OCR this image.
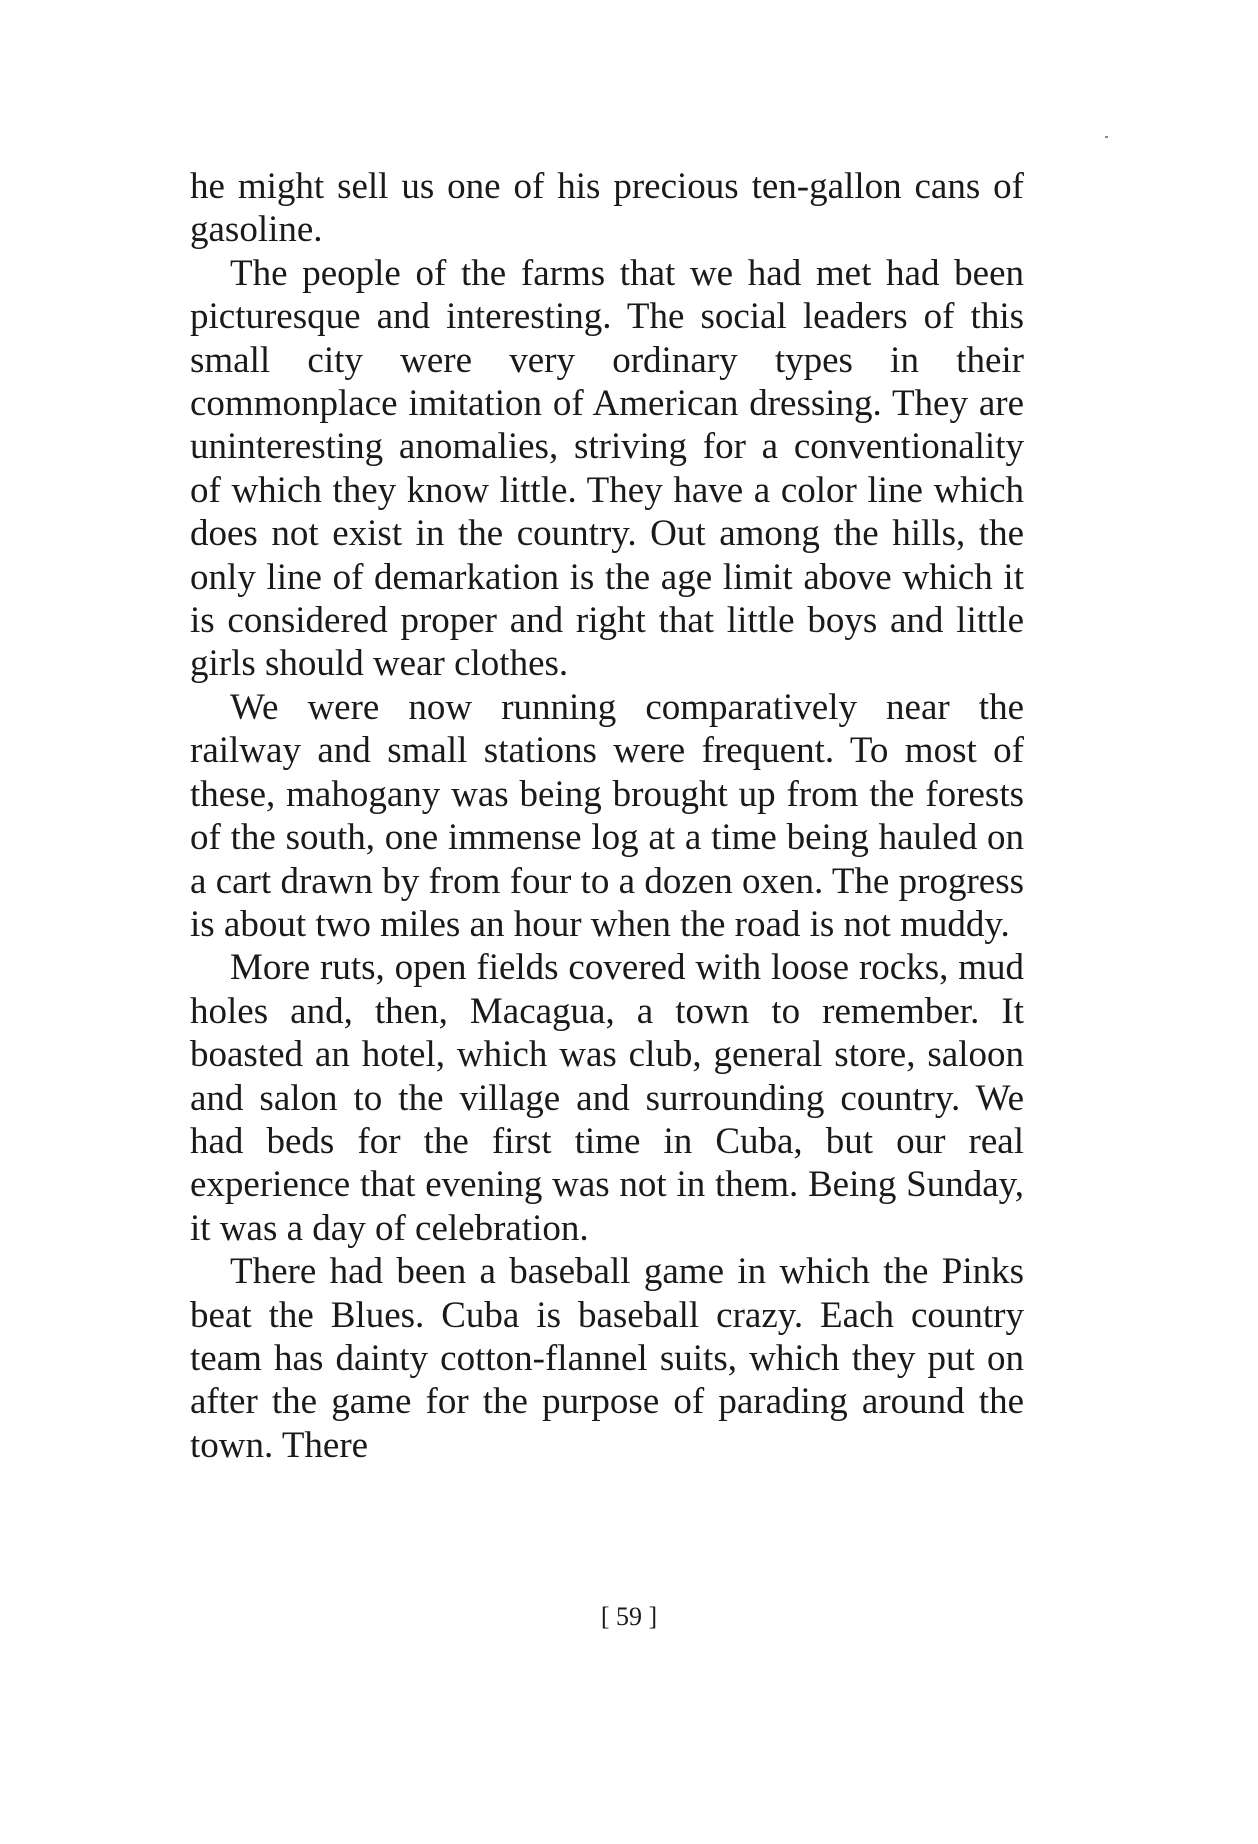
he might sell us one of his precious ten-gallon cans of gasoline.

The people of the farms that we had met had been picturesque and interesting. The social leaders of this small city were very ordinary types in their commonplace imitation of American dressing. They are uninteresting anomalies, striving for a conventionality of which they know little. They have a color line which does not exist in the country. Out among the hills, the only line of demarkation is the age limit above which it is considered proper and right that little boys and little girls should wear clothes.

We were now running comparatively near the railway and small stations were frequent. To most of these, mahogany was being brought up from the forests of the south, one immense log at a time being hauled on a cart drawn by from four to a dozen oxen. The progress is about two miles an hour when the road is not muddy.

More ruts, open fields covered with loose rocks, mud holes and, then, Macagua, a town to remember. It boasted an hotel, which was club, general store, saloon and salon to the village and surrounding country. We had beds for the first time in Cuba, but our real experience that evening was not in them. Being Sunday, it was a day of celebration.

There had been a baseball game in which the Pinks beat the Blues. Cuba is baseball crazy. Each country team has dainty cotton-flannel suits, which they put on after the game for the purpose of parading around the town. There

[ 59 ]
